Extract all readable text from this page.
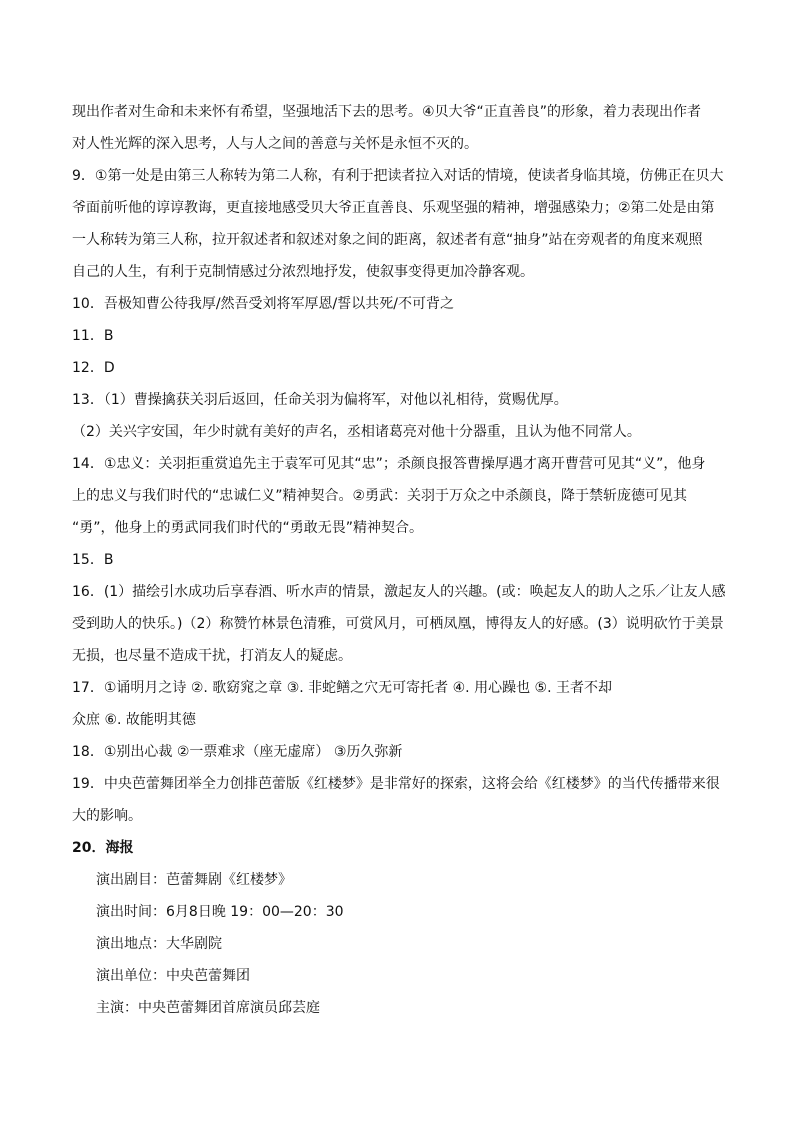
现出作者对生命和未来怀有希望，坚强地活下去的思考。④贝大爷“正直善良”的形象，着力表现出作者
对人性光辉的深入思考，人与人之间的善意与关怀是永恒不灭的。
9．①第一处是由第三人称转为第二人称，有利于把读者拉入对话的情境，使读者身临其境，仿佛正在贝大
爷面前听他的谆谆教诲，更直接地感受贝大爷正直善良、乐观坚强的精神，增强感染力；②第二处是由第
一人称转为第三人称，拉开叙述者和叙述对象之间的距离，叙述者有意“抽身”站在旁观者的角度来观照
自己的人生，有利于克制情感过分浓烈地抒发，使叙事变得更加冷静客观。
10．吾极知曹公待我厚/然吾受刘将军厚恩/誓以共死/不可背之
11．B
12．D
13．（1）曹操擒获关羽后返回，任命关羽为偏将军，对他以礼相待，赏赐优厚。
（2）关兴字安国，年少时就有美好的声名，丞相诸葛亮对他十分器重，且认为他不同常人。
14．①忠义：关羽拒重赏追先主于袁军可见其“忠”；杀颜良报答曹操厚遇才离开曹营可见其“义”，他身
上的忠义与我们时代的“忠诚仁义”精神契合。②勇武：关羽于万众之中杀颜良，降于禁斩庞德可见其
“勇”，他身上的勇武同我们时代的“勇敢无畏”精神契合。
15．B
16．(1）描绘引水成功后享春酒、听水声的情景，激起友人的兴趣。(或：唤起友人的助人之乐／让友人感
受到助人的快乐。)（2）称赞竹林景色清雅，可赏风月，可栖凤凰，博得友人的好感。(3）说明砍竹于美景
无损，也尽量不造成干扰，打消友人的疑虑。
17．①诵明月之诗 ②. 歌窈窕之章 ③. 非蛇鳝之穴无可寄托者 ④. 用心躁也 ⑤. 王者不却
众庶 ⑥. 故能明其德
18．①别出心裁 ②一票难求（座无虚席） ③历久弥新
19．中央芭蕾舞团举全力创排芭蕾版《红楼梦》是非常好的探索，这将会给《红楼梦》的当代传播带来很
大的影响。
20．海报
演出剧目：芭蕾舞剧《红楼梦》
演出时间：6月8日晚 19：00—20：30
演出地点：大华剧院
演出单位：中央芭蕾舞团
主演：中央芭蕾舞团首席演员邱芸庭
